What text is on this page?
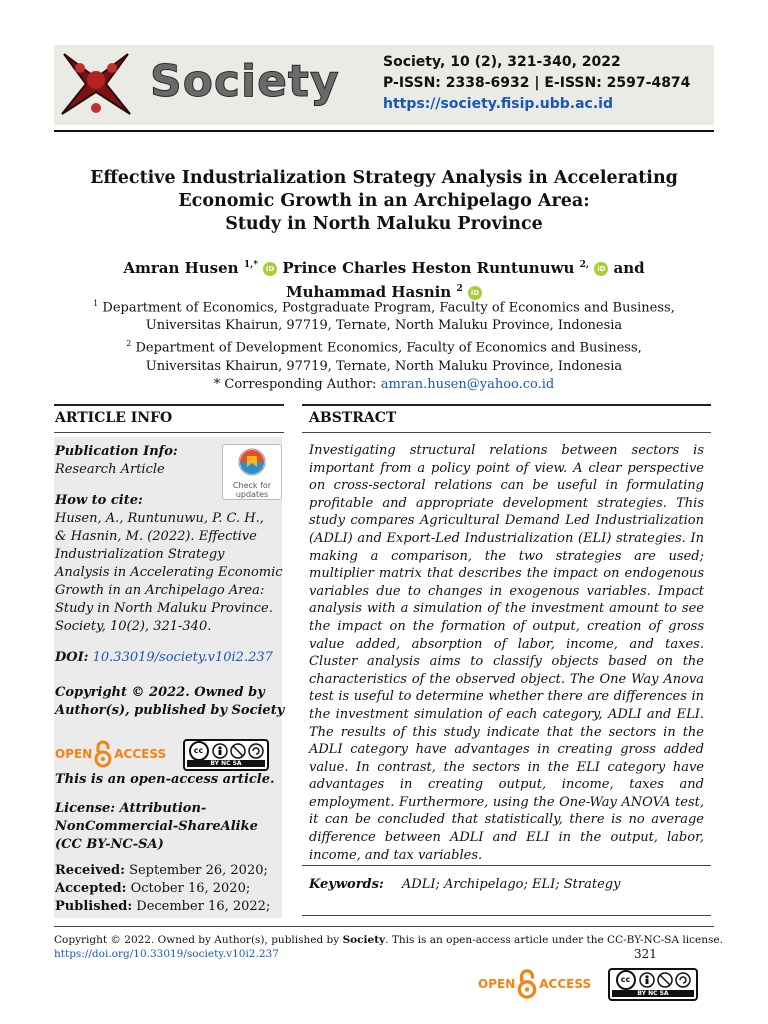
Society	Society, 10 (2), 321-340, 2022
P-ISSN: 2338-6932 | E-ISSN: 2597-4874
https://society.fisip.ubb.ac.id
Effective Industrialization Strategy Analysis in Accelerating
Economic Growth in an Archipelago Area:
Study in North Maluku Province
Amran Husen $^{1,*}$ iD Prince Charles Heston Runtunuwu $^{2,}$ iD and
Muhammad Hasnin $^2$ iD
$^1$ Department of Economics, Postgraduate Program, Faculty of Economics and Business,
Universitas Khairun, 97719, Ternate, North Maluku Province, Indonesia
$^2$ Department of Development Economics, Faculty of Economics and Business,
Universitas Khairun, 97719, Ternate, North Maluku Province, Indonesia
* Corresponding Author: amran.husen@yahoo.co.id
ARTICLE INFO	ABSTRACT
Publication Info:
Research Article
Check for
updates
How to cite:
Husen, A., Runtunuwu, P. C. H.,
& Hasnin, M. (2022). Effective
Industrialization Strategy
Analysis in Accelerating Economic
Growth in an Archipelago Area:
Study in North Maluku Province.
Society, 10(2), 321-340.
DOI: 10.33019/society.v10i2.237
Copyright © 2022. Owned by
Author(s), published by Society
OPEN ACCESS	cc
BY NC SA
This is an open-access article.
License: Attribution-
NonCommercial-ShareAlike
(CC BY-NC-SA)
Received: September 26, 2020;
Accepted: October 16, 2020;
Published: December 16, 2022;
Investigating structural relations between sectors is important from a policy point of view. A clear perspective on cross-sectoral relations can be useful in formulating profitable and appropriate development strategies. This study compares Agricultural Demand Led Industrialization (ADLI) and Export-Led Industrialization (ELI) strategies. In making a comparison, the two strategies are used; multiplier matrix that describes the impact on endogenous variables due to changes in exogenous variables. Impact analysis with a simulation of the investment amount to see the impact on the formation of output, creation of gross value added, absorption of labor, income, and taxes. Cluster analysis aims to classify objects based on the characteristics of the observed object. The One Way Anova test is useful to determine whether there are differences in the investment simulation of each category, ADLI and ELI. The results of this study indicate that the sectors in the ADLI category have advantages in creating gross added value. In contrast, the sectors in the ELI category have advantages in creating output, income, taxes and employment. Furthermore, using the One-Way ANOVA test, it can be concluded that statistically, there is no average difference between ADLI and ELI in the output, labor, income, and tax variables.
Keywords: ADLI; Archipelago; ELI; Strategy
Copyright © 2022. Owned by Author(s), published by Society. This is an open-access article under the CC-BY-NC-SA license.
https://doi.org/10.33019/society.v10i2.237	321
OPEN ACCESS	cc
BY NC SA
